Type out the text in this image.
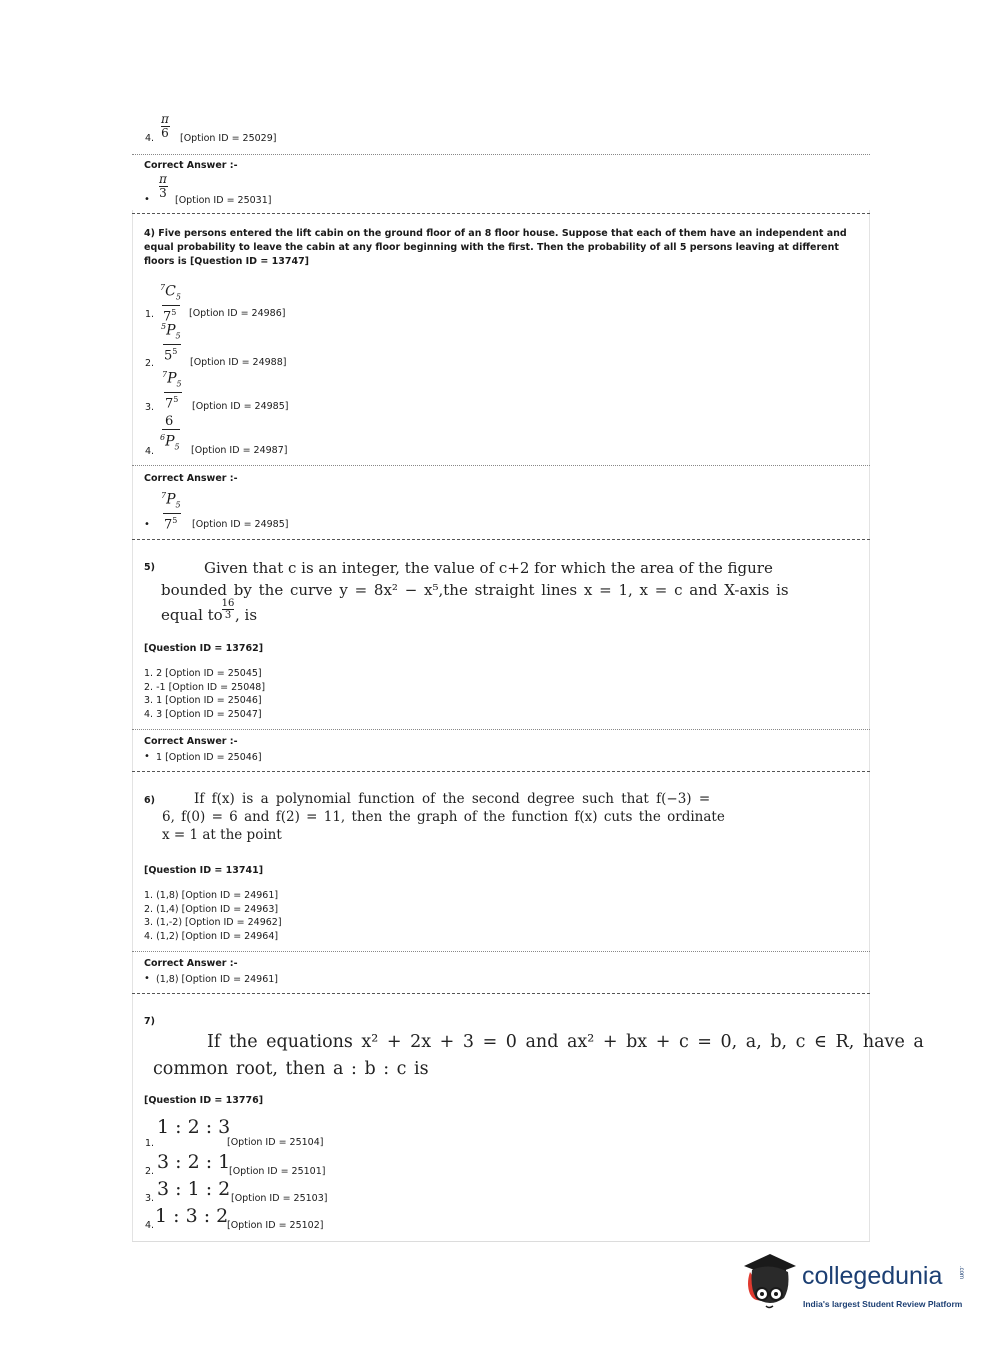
π
6
4.	[Option ID = 25029]
Correct Answer :-
π
3
•	[Option ID = 25031]
4) Five persons entered the lift cabin on the ground floor of an 8 floor house. Suppose that each of them have an independent and equal probability to leave the cabin at any floor beginning with the first. Then the probability of all 5 persons leaving at different floors is [Question ID = 13747]
$^7C_5$
$7^5$
1.	[Option ID = 24986]
$^5P_5$
$5^5$
2.	[Option ID = 24988]
$^7P_5$
$7^5$
3.	[Option ID = 24985]
6
$^6P_5$
4.	[Option ID = 24987]
Correct Answer :-
$^7P_5$
$7^5$
•	[Option ID = 24985]
5)	Given that c is an integer, the value of c+2 for which the area of the figure
bounded by the curve y = 8x² − x⁵,the straight lines x = 1, x = c and X-axis is
equal to
16
3 , is
[Question ID = 13762]
1. 2 [Option ID = 25045]
2. -1 [Option ID = 25048]
3. 1 [Option ID = 25046]
4. 3 [Option ID = 25047]
Correct Answer :-
• 1 [Option ID = 25046]
6)	If f(x) is a polynomial function of the second degree such that f(−3) =
6, f(0) = 6 and f(2) = 11, then the graph of the function f(x) cuts the ordinate
x = 1 at the point
[Question ID = 13741]
1. (1,8) [Option ID = 24961]
2. (1,4) [Option ID = 24963]
3. (1,-2) [Option ID = 24962]
4. (1,2) [Option ID = 24964]
Correct Answer :-
• (1,8) [Option ID = 24961]
7)
If the equations x² + 2x + 3 = 0 and ax² + bx + c = 0, a, b, c ∈ R, have a
common root, then a : b : c is
[Question ID = 13776]
1.
1 : 2 : 3
[Option ID = 25104]
2. 3 : 2 : 1
[Option ID = 25101]
3. 3 : 1 : 2 [Option ID = 25103]
4. 1 : 3 : 2
[Option ID = 25102]
collegedunia	.com
India's largest Student Review Platform
